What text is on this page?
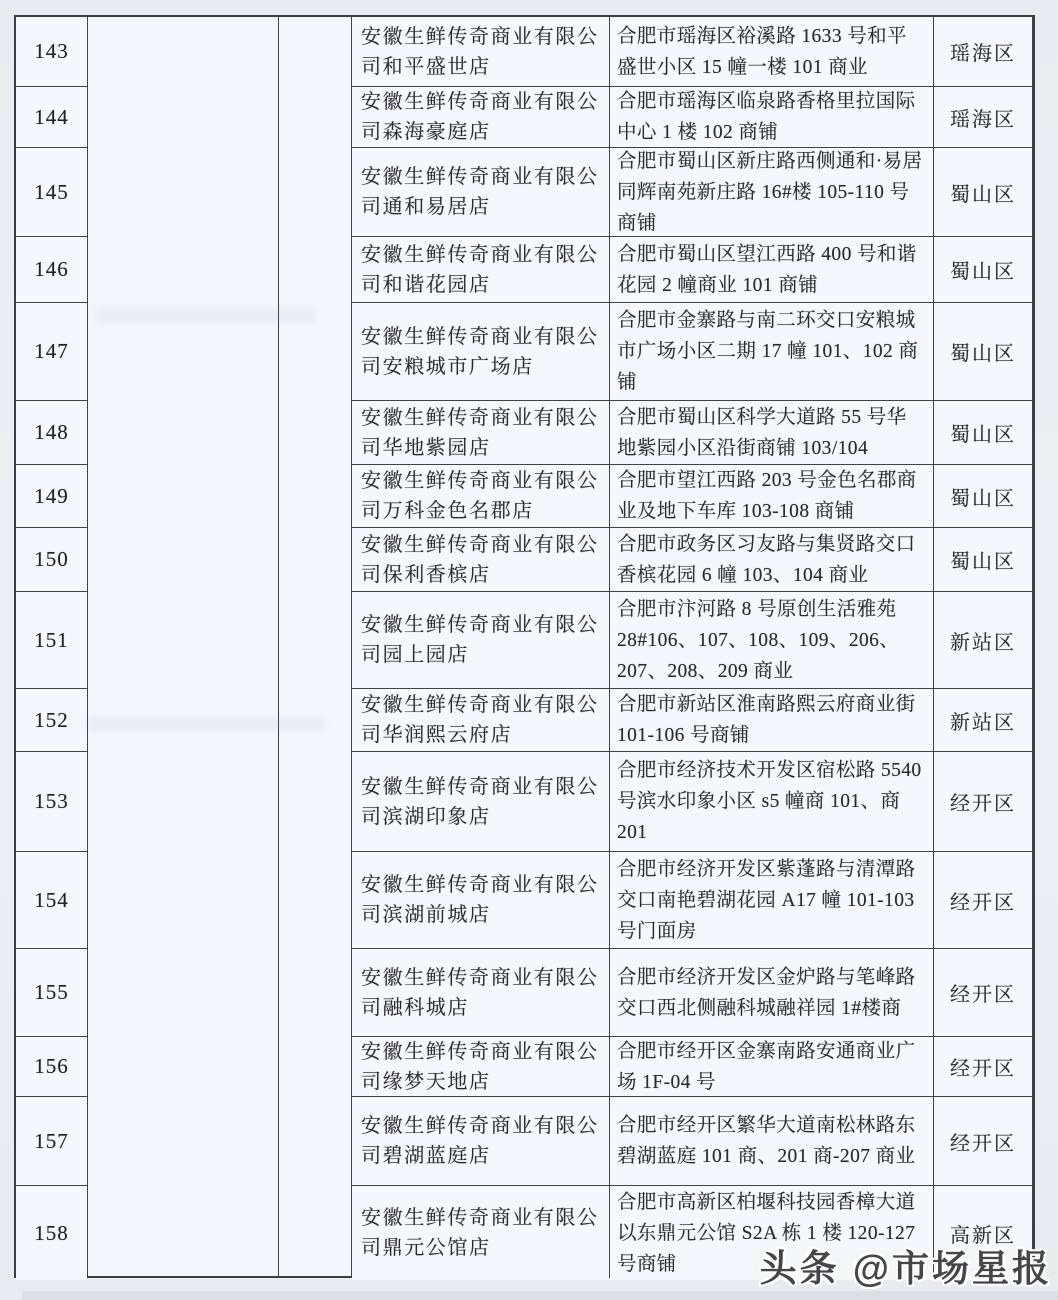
143
144
145
146
147
148
149
150
151
152
153
154
155
156
157
158
安徽生鲜传奇商业有限公司和平盛世店
安徽生鲜传奇商业有限公司森海豪庭店
安徽生鲜传奇商业有限公司通和易居店
安徽生鲜传奇商业有限公司和谐花园店
安徽生鲜传奇商业有限公司安粮城市广场店
安徽生鲜传奇商业有限公司华地紫园店
安徽生鲜传奇商业有限公司万科金色名郡店
安徽生鲜传奇商业有限公司保利香槟店
安徽生鲜传奇商业有限公司园上园店
安徽生鲜传奇商业有限公司华润熙云府店
安徽生鲜传奇商业有限公司滨湖印象店
安徽生鲜传奇商业有限公司滨湖前城店
安徽生鲜传奇商业有限公司融科城店
安徽生鲜传奇商业有限公司缘梦天地店
安徽生鲜传奇商业有限公司碧湖蓝庭店
安徽生鲜传奇商业有限公司鼎元公馆店
合肥市瑶海区裕溪路 1633 号和平盛世小区 15 幢一楼 101 商业
合肥市瑶海区临泉路香格里拉国际中心 1 楼 102 商铺
合肥市蜀山区新庄路西侧通和·易居同辉南苑新庄路 16#楼 105-110 号商铺
合肥市蜀山区望江西路 400 号和谐花园 2 幢商业 101 商铺
合肥市金寨路与南二环交口安粮城市广场小区二期 17 幢 101、102 商铺
合肥市蜀山区科学大道路 55 号华地紫园小区沿街商铺 103/104
合肥市望江西路 203 号金色名郡商业及地下车库 103-108 商铺
合肥市政务区习友路与集贤路交口香槟花园 6 幢 103、104 商业
合肥市汴河路 8 号原创生活雅苑 28#106、107、108、109、206、207、208、209 商业
合肥市新站区淮南路熙云府商业街 101-106 号商铺
合肥市经济技术开发区宿松路 5540 号滨水印象小区 s5 幢商 101、商 201
合肥市经济开发区紫蓬路与清潭路交口南艳碧湖花园 A17 幢 101-103 号门面房
合肥市经济开发区金炉路与笔峰路交口西北侧融科城融祥园 1#楼商
合肥市经开区金寨南路安通商业广场 1F-04 号
合肥市经开区繁华大道南松林路东碧湖蓝庭 101 商、201 商-207 商业
合肥市高新区柏堰科技园香樟大道以东鼎元公馆 S2A 栋 1 楼 120-127 号商铺
瑶海区
瑶海区
蜀山区
蜀山区
蜀山区
蜀山区
蜀山区
蜀山区
新站区
新站区
经开区
经开区
经开区
经开区
经开区
高新区
头条 @市场星报
